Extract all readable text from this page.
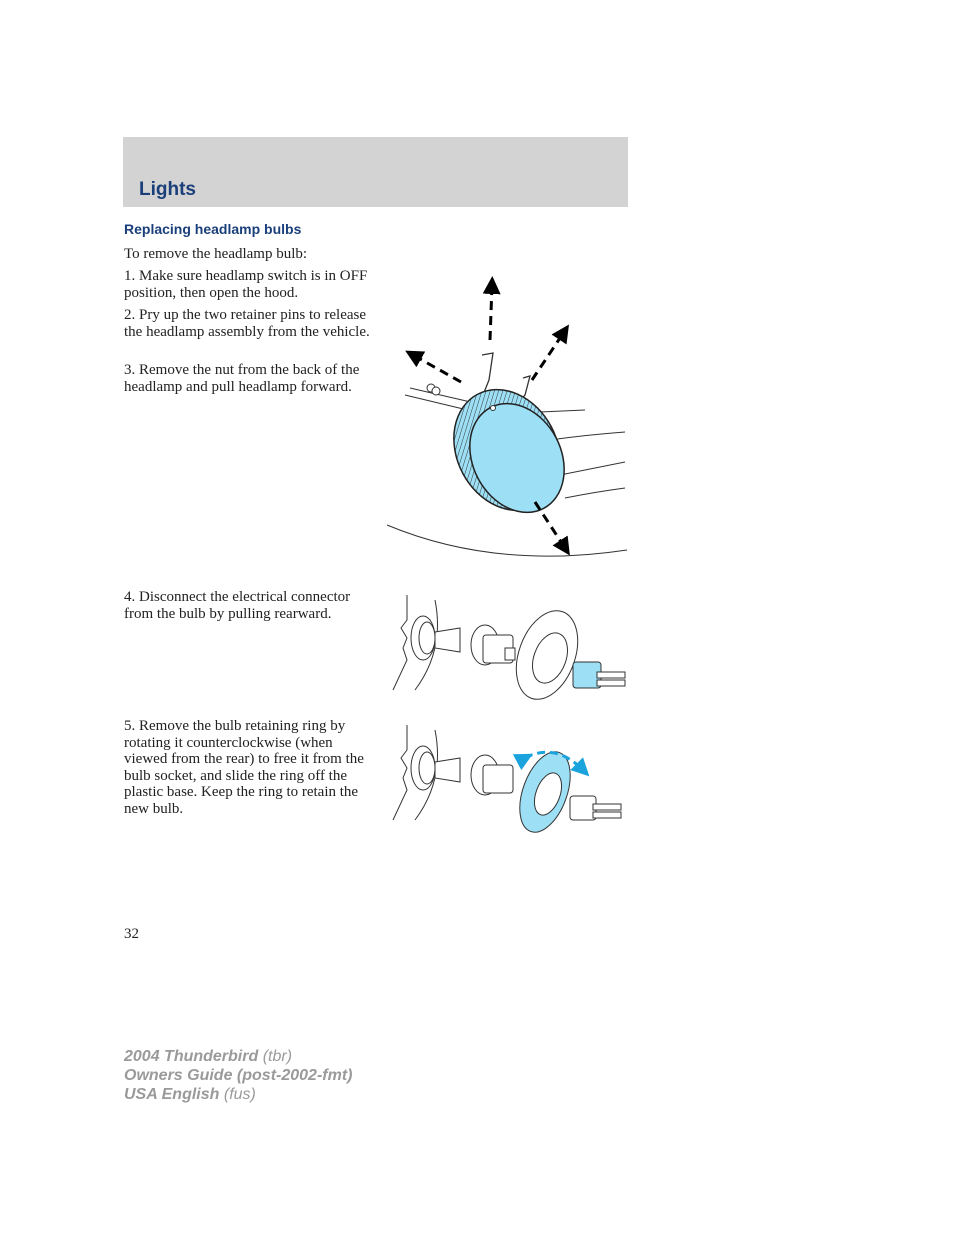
Lights
Replacing headlamp bulbs
To remove the headlamp bulb:
1. Make sure headlamp switch is in OFF position, then open the hood.
2. Pry up the two retainer pins to release the headlamp assembly from the vehicle.
3. Remove the nut from the back of the headlamp and pull headlamp forward.
4. Disconnect the electrical connector from the bulb by pulling rearward.
5. Remove the bulb retaining ring by rotating it counterclockwise (when viewed from the rear) to free it from the bulb socket, and slide the ring off the plastic base. Keep the ring to retain the new bulb.
32
2004 Thunderbird (tbr)
Owners Guide (post-2002-fmt)
USA English (fus)
